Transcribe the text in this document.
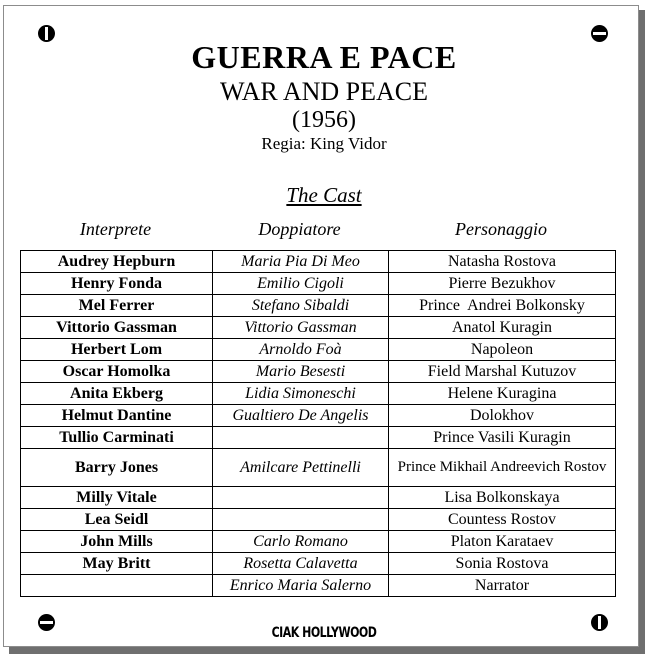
GUERRA E PACE
WAR AND PEACE
(1956)
Regia: King Vidor
The Cast
Interprete	Doppiatore	Personaggio
Audrey Hepburn	Maria Pia Di Meo	Natasha Rostova
Henry Fonda	Emilio Cigoli	Pierre Bezukhov
Mel Ferrer	Stefano Sibaldi	Prince  Andrei Bolkonsky
Vittorio Gassman	Vittorio Gassman	Anatol Kuragin
Herbert Lom	Arnoldo Foà	Napoleon
Oscar Homolka	Mario Besesti	Field Marshal Kutuzov
Anita Ekberg	Lidia Simoneschi	Helene Kuragina
Helmut Dantine	Gualtiero De Angelis	Dolokhov
Tullio Carminati		Prince Vasili Kuragin
Barry Jones	Amilcare Pettinelli	Prince Mikhail Andreevich Rostov
Milly Vitale		Lisa Bolkonskaya
Lea Seidl		Countess Rostov
John Mills	Carlo Romano	Platon Karataev
May Britt	Rosetta Calavetta	Sonia Rostova
	Enrico Maria Salerno	Narrator
CIAK HOLLYWOOD
